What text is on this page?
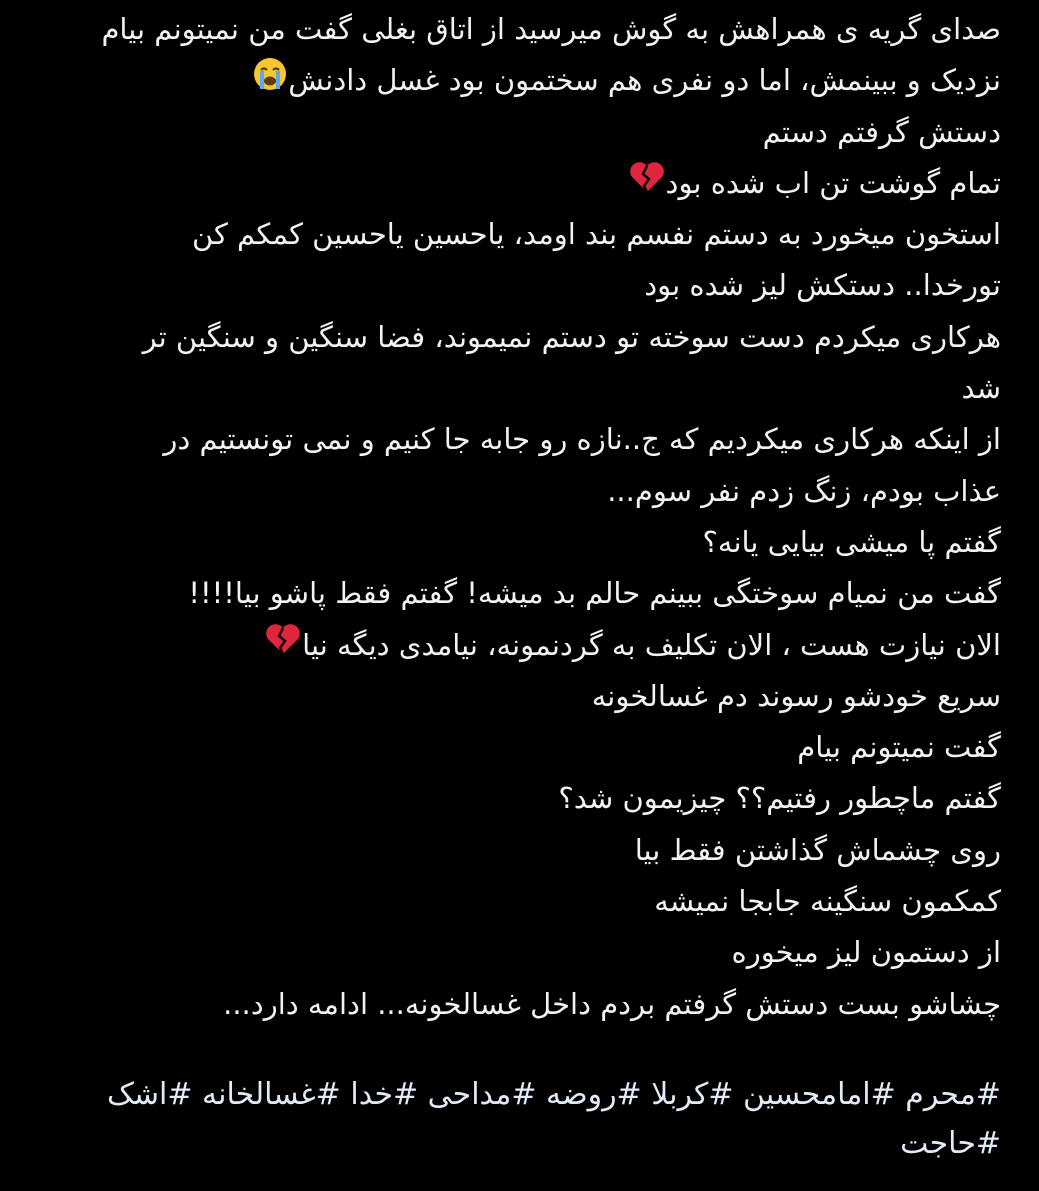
صدای گریه ی همراهش به گوش میرسید از اتاق بغلی گفت من نمیتونم بیام
نزدیک و ببینمش، اما دو نفری هم سختمون بود غسل دادنش
دستش گرفتم دستم
تمام گوشت تن اب شده بود
استخون میخورد به دستم نفسم بند اومد، یاحسین یاحسین کمکم کن
تورخدا.. دستکش لیز شده بود
هرکاری میکردم دست سوخته تو دستم نمیموند، فضا سنگین و سنگین تر
شد
از اینکه هرکاری میکردیم که ج..نازه رو جابه جا کنیم و نمی تونستیم در
عذاب بودم، زنگ زدم نفر سوم...
گفتم پا میشی بیایی یانه؟
گفت من نمیام سوختگی ببینم حالم بد میشه! گفتم فقط پاشو بیا!!!!
الان نیازت هست ، الان تکلیف به گردنمونه، نیامدی دیگه نیا
سریع خودشو رسوند دم غسالخونه
گفت نمیتونم بیام
گفتم ماچطور رفتیم؟؟ چیزیمون شد؟
روی چشماش گذاشتن فقط بیا
کمکمون سنگینه جابجا نمیشه
از دستمون لیز میخوره
چشاشو بست دستش گرفتم بردم داخل غسالخونه... ادامه دارد...
#محرم #امامحسین #کربلا #روضه #مداحی #خدا #غسالخانه #اشک
#حاجت
